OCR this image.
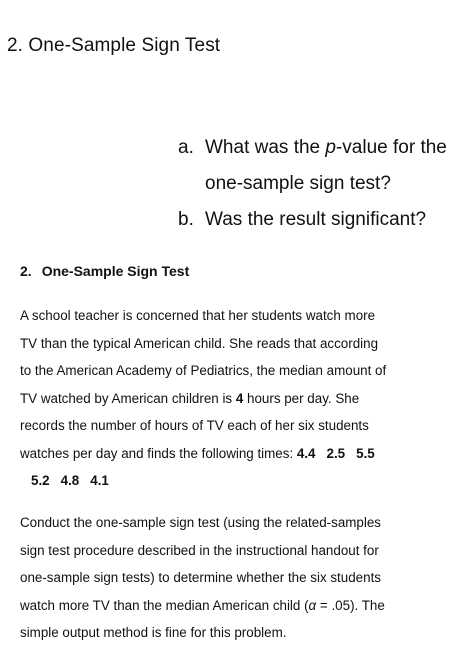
2. One-Sample Sign Test
a. What was the p-value for the
one-sample sign test?
b. Was the result significant?
2. One-Sample Sign Test
A school teacher is concerned that her students watch more
TV than the typical American child. She reads that according
to the American Academy of Pediatrics, the median amount of
TV watched by American children is 4 hours per day. She
records the number of hours of TV each of her six students
watches per day and finds the following times: 4.4 2.5 5.5
5.2 4.8 4.1
Conduct the one-sample sign test (using the related-samples
sign test procedure described in the instructional handout for
one-sample sign tests) to determine whether the six students
watch more TV than the median American child (α = .05). The
simple output method is fine for this problem.
